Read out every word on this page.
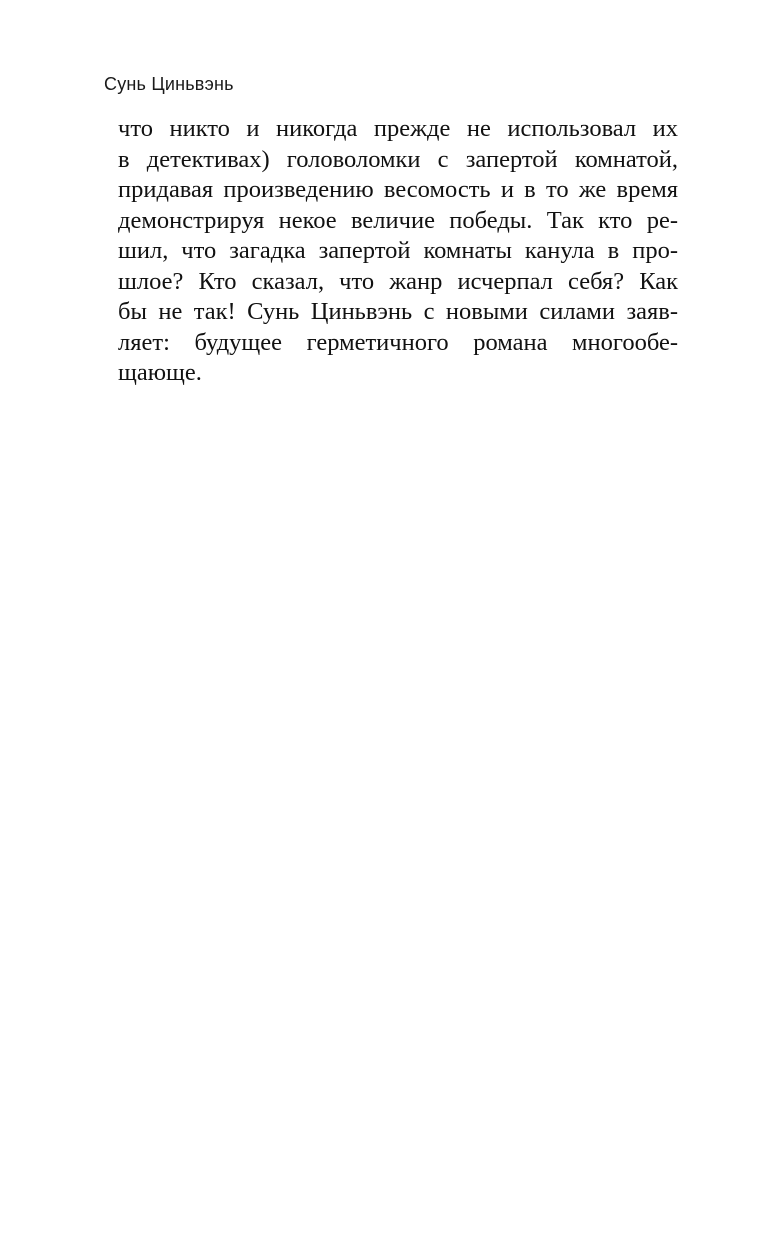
Сунь Циньвэнь
что никто и никогда прежде не использовал их
в детективах) головоломки с запертой комнатой,
придавая произведению весомость и в то же время
демонстрируя некое величие победы. Так кто ре-
шил, что загадка запертой комнаты канула в про-
шлое? Кто сказал, что жанр исчерпал себя? Как
бы не так! Сунь Циньвэнь с новыми силами заяв-
ляет: будущее герметичного романа многообе-
щающе.
